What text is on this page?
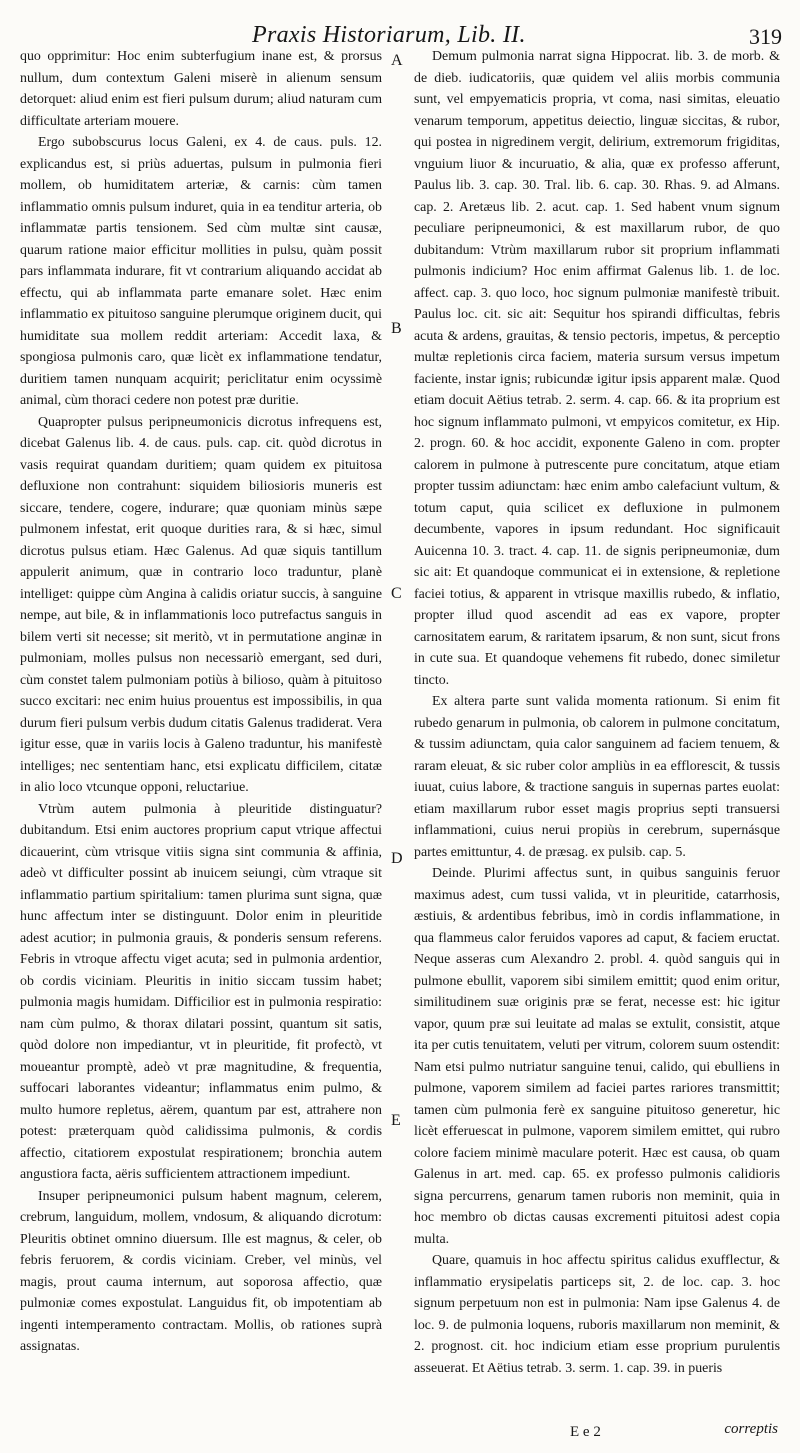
Praxis Historiarum, Lib. II.	319

quo opprimitur: Hoc enim subterfugium inane est, & prorsus nullum, dum contextum Galeni miserè in alienum sensum detorquet: aliud enim est fieri pulsum durum; aliud naturam cum difficultate arteriam mouere.

Ergo subobscurus locus Galeni, ex 4. de caus. puls. 12. explicandus est, si priùs aduertas, pulsum in pulmonia fieri mollem, ob humiditatem arteriæ, & carnis: cùm tamen inflammatio omnis pulsum induret, quia in ea tenditur arteria, ob inflammatæ partis tensionem. Sed cùm multæ sint causæ, quarum ratione maior efficitur mollities in pulsu, quàm possit pars inflammata indurare, fit vt contrarium aliquando accidat ab effectu, qui ab inflammata parte emanare solet. Hæc enim inflammatio ex pituitoso sanguine plerumque originem ducit, qui humiditate sua mollem reddit arteriam: Accedit laxa, & spongiosa pulmonis caro, quæ licèt ex inflammatione tendatur, duritiem tamen nunquam acquirit; periclitatur enim ocyssimè animal, cùm thoraci cedere non potest præ duritie.

Quapropter pulsus peripneumonicis dicrotus infrequens est, dicebat Galenus lib. 4. de caus. puls. cap. cit. quòd dicrotus in vasis requirat quandam duritiem; quam quidem ex pituitosa defluxione non contrahunt: siquidem biliosioris muneris est siccare, tendere, cogere, indurare; quæ quoniam minùs sæpe pulmonem infestat, erit quoque durities rara, & si hæc, simul dicrotus pulsus etiam. Hæc Galenus. Ad quæ siquis tantillum appulerit animum, quæ in contrario loco traduntur, planè intelliget: quippe cùm Angina à calidis oriatur succis, à sanguine nempe, aut bile, & in inflammationis loco putrefactus sanguis in bilem verti sit necesse; sit meritò, vt in permutatione anginæ in pulmoniam, molles pulsus non necessariò emergant, sed duri, cùm constet talem pulmoniam potiùs à bilioso, quàm à pituitoso succo excitari: nec enim huius prouentus est impossibilis, in qua durum fieri pulsum verbis dudum citatis Galenus tradiderat. Vera igitur esse, quæ in variis locis à Galeno traduntur, his manifestè intelliges; nec sententiam hanc, etsi explicatu difficilem, citatæ in alio loco vtcunque opponi, reluctariue.

Vtrùm autem pulmonia à pleuritide distinguatur? dubitandum. Etsi enim auctores proprium caput vtrique affectui dicauerint, cùm vtrisque vitiis signa sint communia & affinia, adeò vt difficulter possint ab inuicem seiungi, cùm vtraque sit inflammatio partium spiritalium: tamen plurima sunt signa, quæ hunc affectum inter se distinguunt. Dolor enim in pleuritide adest acutior; in pulmonia grauis, & ponderis sensum referens. Febris in vtroque affectu viget acuta; sed in pulmonia ardentior, ob cordis viciniam. Pleuritis in initio siccam tussim habet; pulmonia magis humidam. Difficilior est in pulmonia respiratio: nam cùm pulmo, & thorax dilatari possint, quantum sit satis, quòd dolore non impediantur, vt in pleuritide, fit profectò, vt moueantur promptè, adeò vt præ magnitudine, & frequentia, suffocari laborantes videantur; inflammatus enim pulmo, & multo humore repletus, aërem, quantum par est, attrahere non potest: præterquam quòd calidissima pulmonis, & cordis affectio, citatiorem expostulat respirationem; bronchia autem angustiora facta, aëris sufficientem attractionem impediunt.

Insuper peripneumonici pulsum habent magnum, celerem, crebrum, languidum, mollem, vndosum, & aliquando dicrotum: Pleuritis obtinet omnino diuersum. Ille est magnus, & celer, ob febris feruorem, & cordis viciniam. Creber, vel minùs, vel magis, prout cauma internum, aut soporosa affectio, quæ pulmoniæ comes expostulat. Languidus fit, ob impotentiam ab ingenti intemperamento contractam. Mollis, ob rationes suprà assignatas.

Demum pulmonia narrat signa Hippocrat. lib. 3. de morb. & de dieb. iudicatoriis, quæ quidem vel aliis morbis communia sunt, vel empyematicis propria, vt coma, nasi simitas, eleuatio venarum temporum, appetitus deiectio, linguæ siccitas, & rubor, qui postea in nigredinem vergit, delirium, extremorum frigiditas, vnguium liuor & incuruatio, & alia, quæ ex professo afferunt, Paulus lib. 3. cap. 30. Tral. lib. 6. cap. 30. Rhas. 9. ad Almans. cap. 2. Aretæus lib. 2. acut. cap. 1. Sed habent vnum signum peculiare peripneumonici, & est maxillarum rubor, de quo dubitandum: Vtrùm maxillarum rubor sit proprium inflammati pulmonis indicium? Hoc enim affirmat Galenus lib. 1. de loc. affect. cap. 3. quo loco, hoc signum pulmoniæ manifestè tribuit. Paulus loc. cit. sic ait: Sequitur hos spirandi difficultas, febris acuta & ardens, grauitas, & tensio pectoris, impetus, & perceptio multæ repletionis circa faciem, materia sursum versus impetum faciente, instar ignis; rubicundæ igitur ipsis apparent malæ. Quod etiam docuit Aëtius tetrab. 2. serm. 4. cap. 66. & ita proprium est hoc signum inflammato pulmoni, vt empyicos comitetur, ex Hip. 2. progn. 60. & hoc accidit, exponente Galeno in com. propter calorem in pulmone à putrescente pure concitatum, atque etiam propter tussim adiunctam: hæc enim ambo calefaciunt vultum, & totum caput, quia scilicet ex defluxione in pulmonem decumbente, vapores in ipsum redundant. Hoc significauit Auicenna 10. 3. tract. 4. cap. 11. de signis peripneumoniæ, dum sic ait: Et quandoque communicat ei in extensione, & repletione faciei totius, & apparent in vtrisque maxillis rubedo, & inflatio, propter illud quod ascendit ad eas ex vapore, propter carnositatem earum, & raritatem ipsarum, & non sunt, sicut frons in cute sua. Et quandoque vehemens fit rubedo, donec similetur tincto.

Ex altera parte sunt valida momenta rationum. Si enim fit rubedo genarum in pulmonia, ob calorem in pulmone concitatum, & tussim adiunctam, quia calor sanguinem ad faciem tenuem, & raram eleuat, & sic ruber color ampliùs in ea efflorescit, & tussis iuuat, cuius labore, & tractione sanguis in supernas partes euolat: etiam maxillarum rubor esset magis proprius septi transuersi inflammationi, cuius nerui propiùs in cerebrum, supernásque partes emittuntur, 4. de præsag. ex pulsib. cap. 5.

Deinde. Plurimi affectus sunt, in quibus sanguinis feruor maximus adest, cum tussi valida, vt in pleuritide, catarrhosis, æstiuis, & ardentibus febribus, imò in cordis inflammatione, in qua flammeus calor feruidos vapores ad caput, & faciem eructat. Neque asseras cum Alexandro 2. probl. 4. quòd sanguis qui in pulmone ebullit, vaporem sibi similem emittit; quod enim oritur, similitudinem suæ originis præ se ferat, necesse est: hic igitur vapor, quum præ sui leuitate ad malas se extulit, consistit, atque ita per cutis tenuitatem, veluti per vitrum, colorem suum ostendit: Nam etsi pulmo nutriatur sanguine tenui, calido, qui ebulliens in pulmone, vaporem similem ad faciei partes rariores transmittit; tamen cùm pulmonia ferè ex sanguine pituitoso generetur, hic licèt efferuescat in pulmone, vaporem similem emittet, qui rubro colore faciem minimè maculare poterit. Hæc est causa, ob quam Galenus in art. med. cap. 65. ex professo pulmonis calidioris signa percurrens, genarum tamen ruboris non meminit, quia in hoc membro ob dictas causas excrementi pituitosi adest copia multa.

Quare, quamuis in hoc affectu spiritus calidus exufflectur, & inflammatio erysipelatis particeps sit, 2. de loc. cap. 3. hoc signum perpetuum non est in pulmonia: Nam ipse Galenus 4. de loc. 9. de pulmonia loquens, ruboris maxillarum non meminit, & 2. prognost. cit. hoc indicium etiam esse proprium purulentis asseuerat. Et Aëtius tetrab. 3. serm. 1. cap. 39. in pueris

A
B
C
D
E
E e 2	correptis
